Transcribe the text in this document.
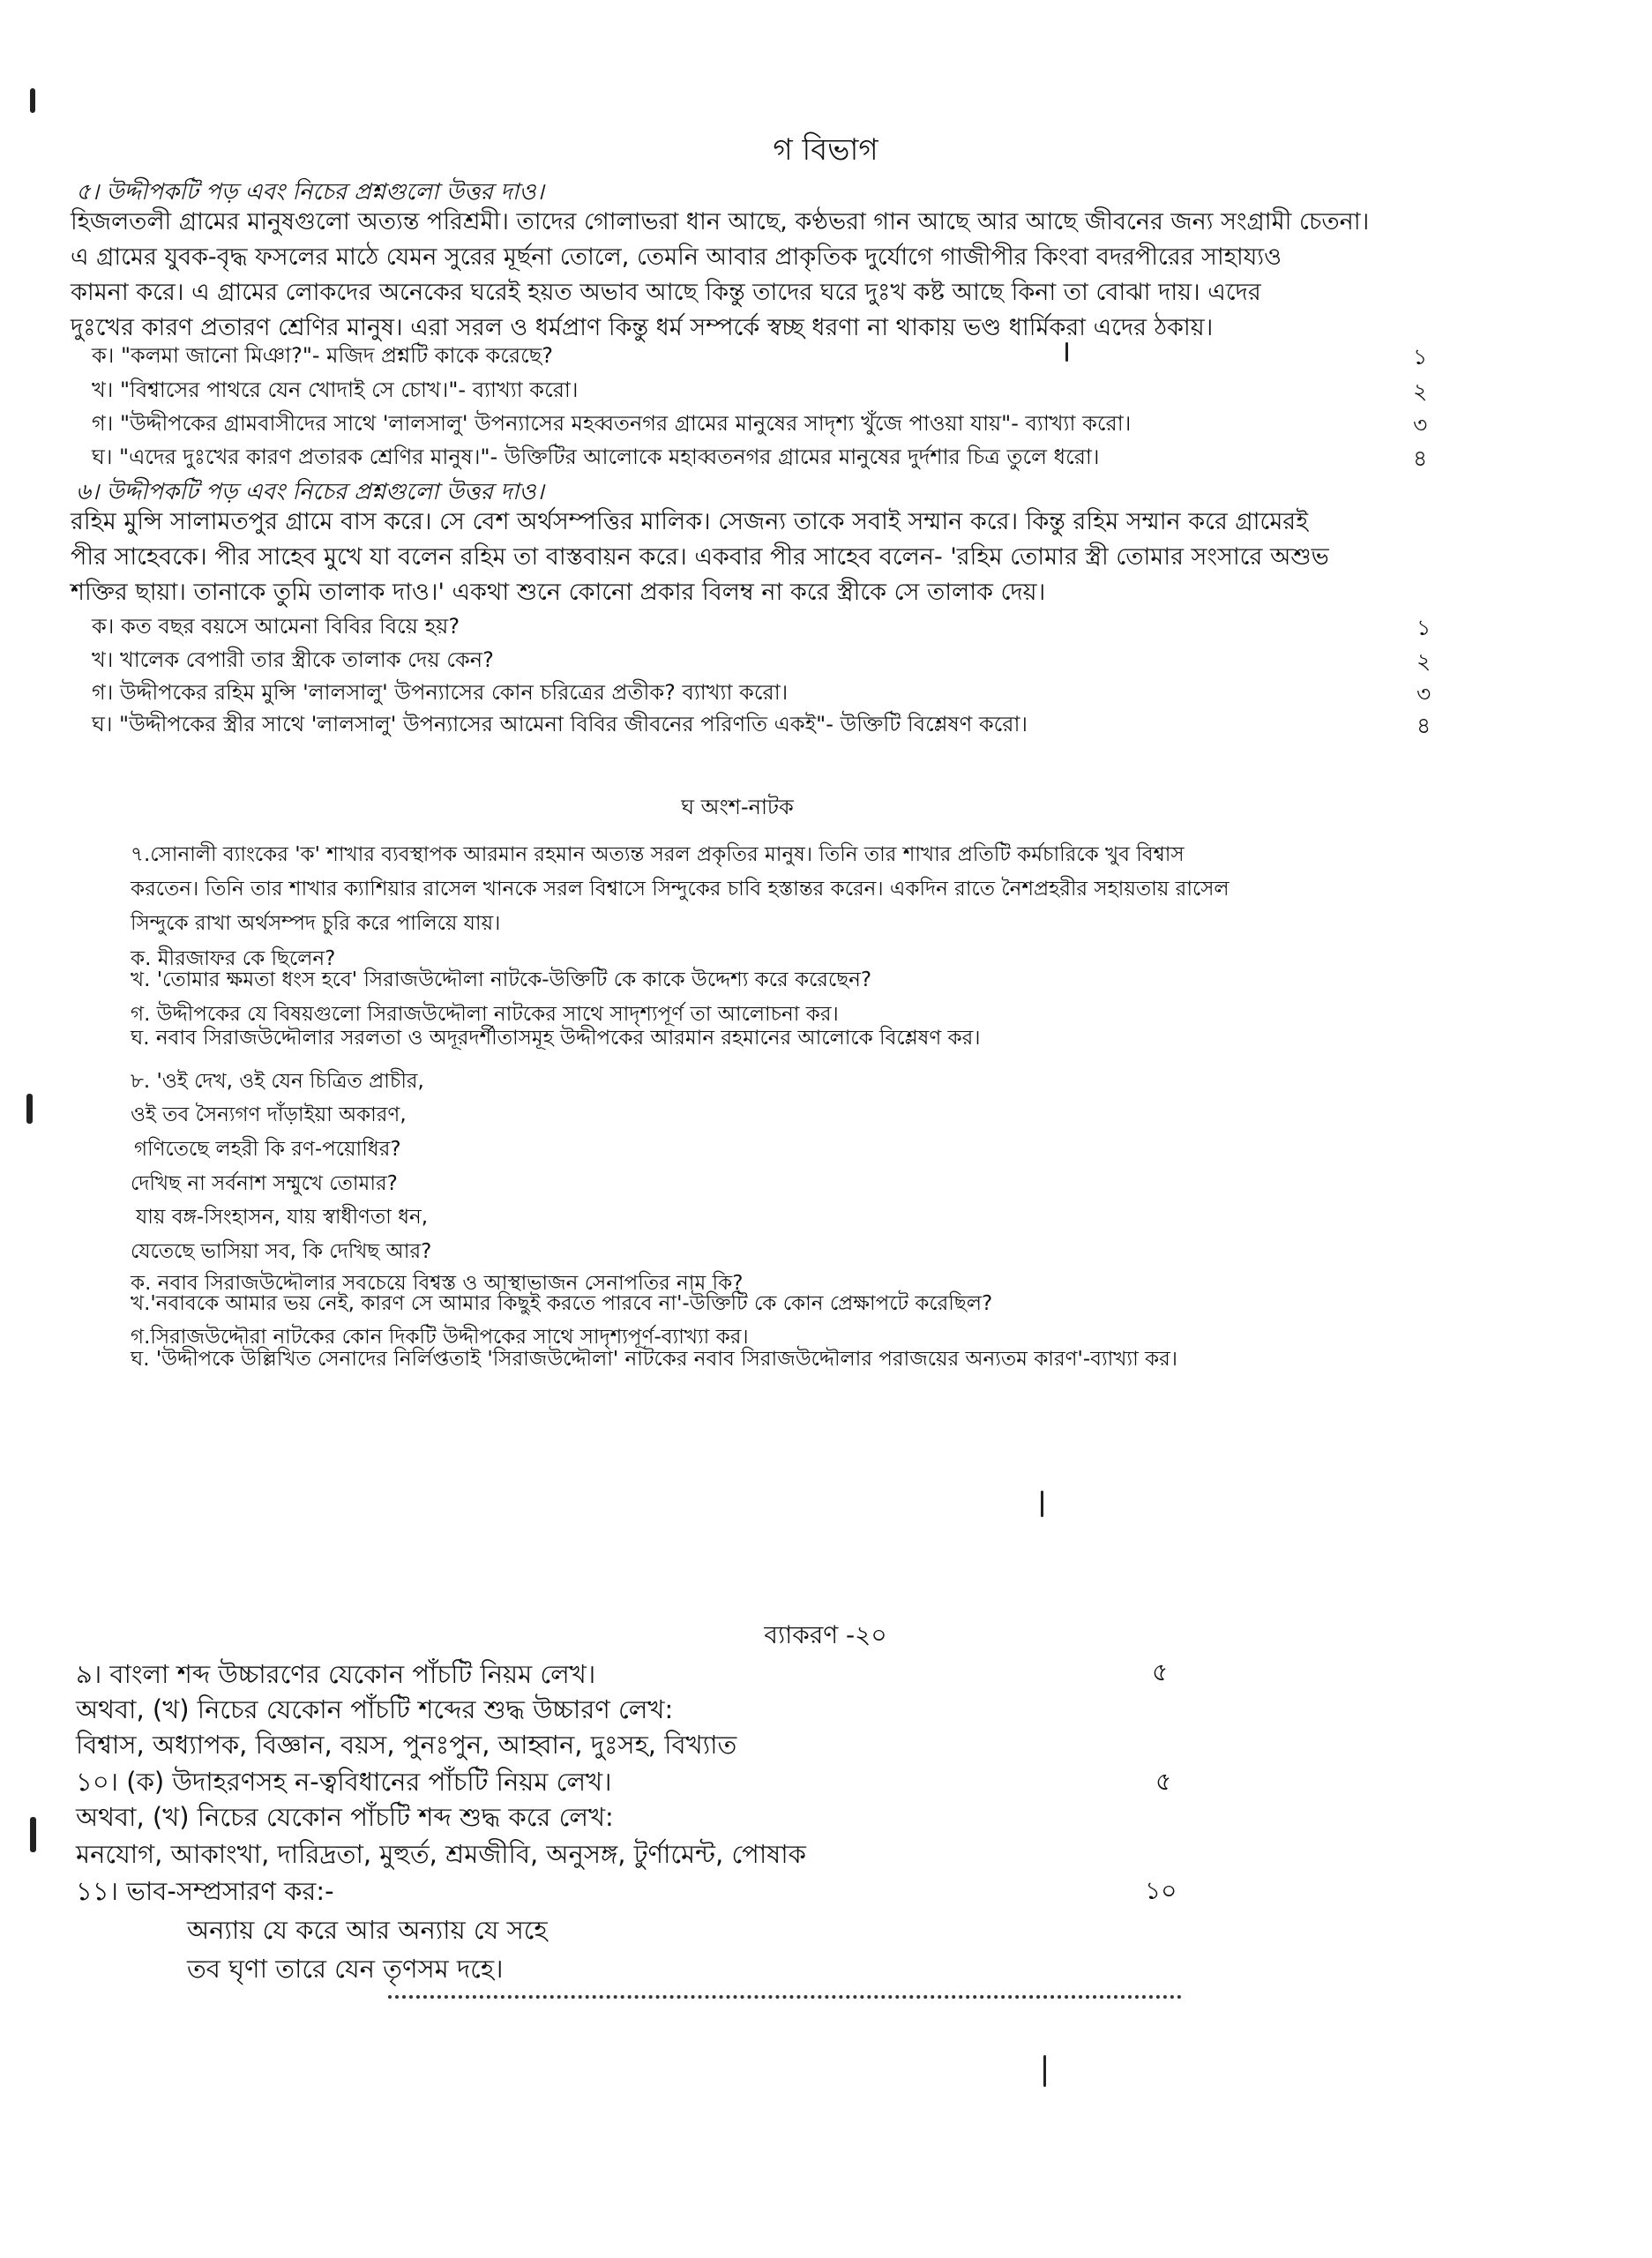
গ বিভাগ
৫। উদ্দীপকটি পড় এবং নিচের প্রশ্নগুলো উত্তর দাও।
হিজলতলী গ্রামের মানুষগুলো অত্যন্ত পরিশ্রমী। তাদের গোলাভরা ধান আছে, কণ্ঠভরা গান আছে আর আছে জীবনের জন্য সংগ্রামী চেতনা।
এ গ্রামের যুবক-বৃদ্ধ ফসলের মাঠে যেমন সুরের মূর্ছনা তোলে, তেমনি আবার প্রাকৃতিক দুর্যোগে গাজীপীর কিংবা বদরপীরের সাহায্যও
কামনা করে। এ গ্রামের লোকদের অনেকের ঘরেই হয়ত অভাব আছে কিন্তু তাদের ঘরে দুঃখ কষ্ট আছে কিনা তা বোঝা দায়। এদের
দুঃখের কারণ প্রতারণ শ্রেণির মানুষ। এরা সরল ও ধর্মপ্রাণ কিন্তু ধর্ম সম্পর্কে স্বচ্ছ ধরণা না থাকায় ভণ্ড ধার্মিকরা এদের ঠকায়।
ক। "কলমা জানো মিঞা?"- মজিদ প্রশ্নটি কাকে করেছে?	১
খ। "বিশ্বাসের পাথরে যেন খোদাই সে চোখ।"- ব্যাখ্যা করো।	২
গ। "উদ্দীপকের গ্রামবাসীদের সাথে 'লালসালু' উপন্যাসের মহব্বতনগর গ্রামের মানুষের সাদৃশ্য খুঁজে পাওয়া যায়"- ব্যাখ্যা করো।	৩
ঘ। "এদের দুঃখের কারণ প্রতারক শ্রেণির মানুষ।"- উক্তিটির আলোকে মহাব্বতনগর গ্রামের মানুষের দুর্দশার চিত্র তুলে ধরো।	৪
৬। উদ্দীপকটি পড় এবং নিচের প্রশ্নগুলো উত্তর দাও।
রহিম মুন্সি সালামতপুর গ্রামে বাস করে। সে বেশ অর্থসম্পত্তির মালিক। সেজন্য তাকে সবাই সম্মান করে। কিন্তু রহিম সম্মান করে গ্রামেরই
পীর সাহেবকে। পীর সাহেব মুখে যা বলেন রহিম তা বাস্তবায়ন করে। একবার পীর সাহেব বলেন- 'রহিম তোমার স্ত্রী তোমার সংসারে অশুভ
শক্তির ছায়া। তানাকে তুমি তালাক দাও।' একথা শুনে কোনো প্রকার বিলম্ব না করে স্ত্রীকে সে তালাক দেয়।
ক। কত বছর বয়সে আমেনা বিবির বিয়ে হয়?	১
খ। খালেক বেপারী তার স্ত্রীকে তালাক দেয় কেন?	২
গ। উদ্দীপকের রহিম মুন্সি 'লালসালু' উপন্যাসের কোন চরিত্রের প্রতীক? ব্যাখ্যা করো।	৩
ঘ। "উদ্দীপকের স্ত্রীর সাথে 'লালসালু' উপন্যাসের আমেনা বিবির জীবনের পরিণতি একই"- উক্তিটি বিশ্লেষণ করো।	৪
ঘ অংশ-নাটক
৭.সোনালী ব্যাংকের 'ক' শাখার ব্যবস্থাপক আরমান রহমান অত্যন্ত সরল প্রকৃতির মানুষ। তিনি তার শাখার প্রতিটি কর্মচারিকে খুব বিশ্বাস
করতেন। তিনি তার শাখার ক্যাশিয়ার রাসেল খানকে সরল বিশ্বাসে সিন্দুকের চাবি হস্তান্তর করেন। একদিন রাতে নৈশপ্রহরীর সহায়তায় রাসেল
সিন্দুকে রাখা অর্থসম্পদ চুরি করে পালিয়ে যায়।
ক. মীরজাফর কে ছিলেন?
খ. 'তোমার ক্ষমতা ধংস হবে' সিরাজউদ্দৌলা নাটকে-উক্তিটি কে কাকে উদ্দেশ্য করে করেছেন?
গ. উদ্দীপকের যে বিষয়গুলো সিরাজউদ্দৌলা নাটকের সাথে সাদৃশ্যপূর্ণ তা আলোচনা কর।
ঘ. নবাব সিরাজউদ্দৌলার সরলতা ও অদূরদর্শীতাসমূহ উদ্দীপকের আরমান রহমানের আলোকে বিশ্লেষণ কর।
৮. 'ওই দেখ, ওই যেন চিত্রিত প্রাচীর,
ওই তব সৈন্যগণ দাঁড়াইয়া অকারণ,
গণিতেছে লহরী কি রণ-পয়োধির?
দেখিছ না সর্বনাশ সম্মুখে তোমার?
যায় বঙ্গ-সিংহাসন, যায় স্বাধীণতা ধন,
যেতেছে ভাসিয়া সব, কি দেখিছ আর?
ক. নবাব সিরাজউদ্দৌলার সবচেয়ে বিশ্বস্ত ও আস্থাভাজন সেনাপতির নাম কি?
খ.'নবাবকে আমার ভয় নেই, কারণ সে আমার কিছুই করতে পারবে না'-উক্তিটি কে কোন প্রেক্ষাপটে করেছিল?
গ.সিরাজউদ্দৌরা নাটকের কোন দিকটি উদ্দীপকের সাথে সাদৃশ্যপূর্ণ-ব্যাখ্যা কর।
ঘ. 'উদ্দীপকে উল্লিখিত সেনাদের নির্লিপ্ততাই 'সিরাজউদ্দৌলা' নাটকের নবাব সিরাজউদ্দৌলার পরাজয়ের অন্যতম কারণ'-ব্যাখ্যা কর।
ব্যাকরণ -২০
৯। বাংলা শব্দ উচ্চারণের যেকোন পাঁচটি নিয়ম লেখ।	৫
অথবা, (খ) নিচের যেকোন পাঁচটি শব্দের শুদ্ধ উচ্চারণ লেখ:
বিশ্বাস, অধ্যাপক, বিজ্ঞান, বয়স, পুনঃপুন, আহ্বান, দুঃসহ, বিখ্যাত
১০। (ক) উদাহরণসহ ন-ত্ববিধানের পাঁচটি নিয়ম লেখ।	৫
অথবা, (খ) নিচের যেকোন পাঁচটি শব্দ শুদ্ধ করে লেখ:
মনযোগ, আকাংখা, দারিদ্রতা, মুহুর্ত, শ্রমজীবি, অনুসঙ্গ, টুর্ণামেন্ট, পোষাক
১১। ভাব-সম্প্রসারণ কর:-	১০
অন্যায় যে করে আর অন্যায় যে সহে
তব ঘৃণা তারে যেন তৃণসম দহে।
